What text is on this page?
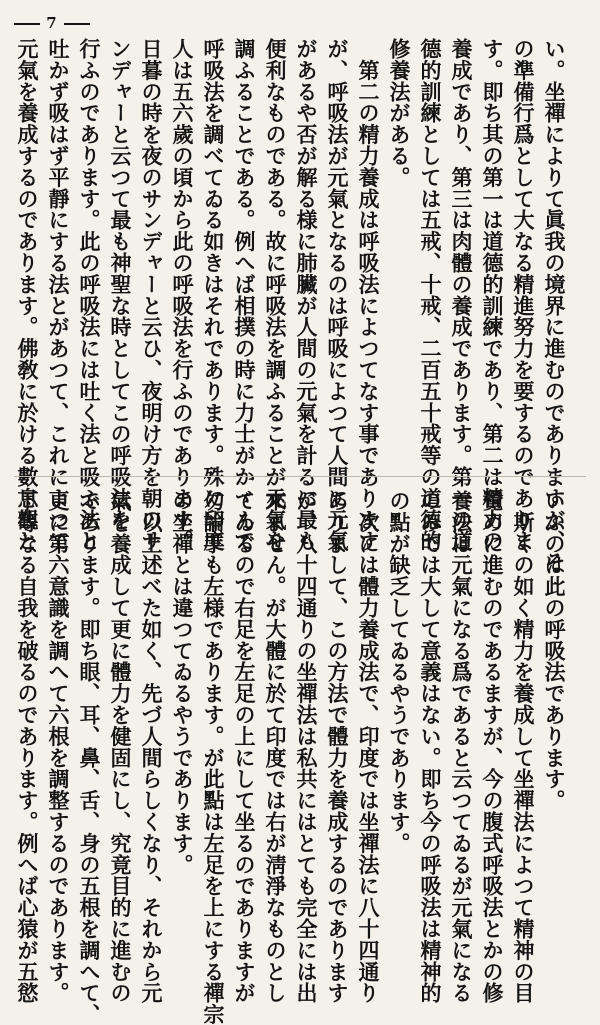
7
い。坐禪によりて眞我の境界に進むのでありますが、そ
の準備行爲として大なる精進努力を要するのでありま
す。即ち其の第一は道德的訓練であり、第二は精力の
養成であり、第三は肉體の養成であります。第一の道
德的訓練としては五戒、十戒、二百五十戒等の道德的
修養法がある。
　第二の精力養成は呼吸法によつてなす事であります
が、呼吸法が元氣となるのは呼吸によつて人間に元氣
があるや否が解る様に肺臟が人間の元氣を計るに最も
便利なものである。故に呼吸法を調ふることが元氣を
調ふることである。例へば相撲の時に力士がかゞんで
呼吸法を調べてゐる如きはそれであります。殊に印度
人は五六歲の頃から此の呼吸法を行ふのであります。
日暮の時を夜のサンデャーと云ひ、夜明け方を朝のサ
ンデャーと云つて最も神聖な時としてこの呼吸法を
行ふのであります。此の呼吸法には吐く法と吸ふ法と
吐かず吸はず平靜にする法とがあつて、これによつて
元氣を養成するのであります。佛敎に於ける數息觀と
いふのは此の呼吸法であります。
　斯くの如く精力を養成して坐禪法によつて精神の目
覺めに進むのであるますが、今の腹式呼吸法とかの修
養法は元氣になる爲であると云つてゐるが元氣になる
のみでは大して意義はない。即ち今の呼吸法は精神的
の點が缺乏してゐるやうであります。
　次には體力養成法で、印度では坐禪法に八十四通り
ありまして、この方法で體力を養成するのであります
が、八十四通りの坐禪法は私共にはとても完全には出
來ません。が大體に於て印度では右が淸淨なものとし
てゐるので右足を左足の上にして坐るのでありますが
勿論手も左様であります。が此點は左足を上にする禪宗
の坐禪とは違つてゐるやうであります。
　以上述べた如く、先づ人間らしくなり、それから元
氣を養成して更に體力を健固にし、究竟目的に進むの
であります。即ち眼、耳、鼻、舌、身の五根を調へて、
更に第六意識を調へて六根を調整するのであります。
下等なる自我を破るのであります。例へば心猿が五慾
